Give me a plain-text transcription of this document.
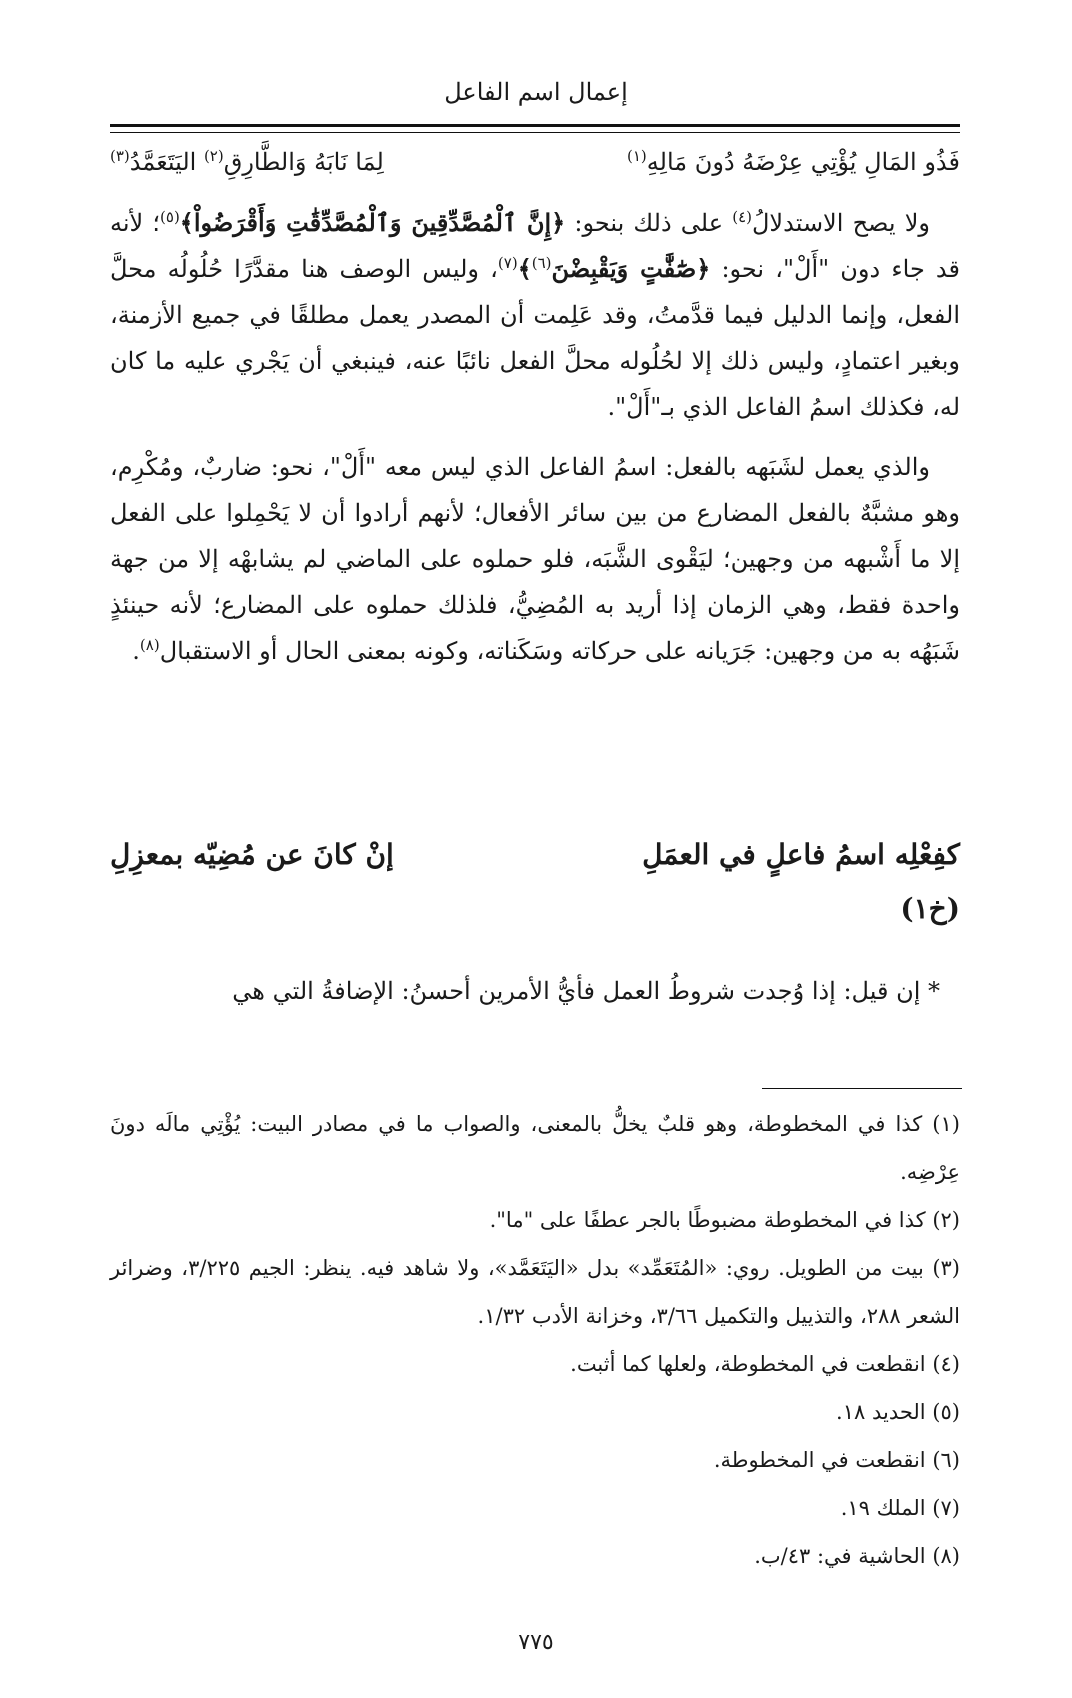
إعمال اسم الفاعل
فَذُو المَالِ يُؤْتِي عِرْضَهُ دُونَ مَالِهِ$^{(١)}$
لِمَا نَابَهُ وَالطَّارِقِ$^{(٢)}$ اليَتَعَمَّدُ$^{(٣)}$

ولا يصح الاستدلالُ$^{(٤)}$ على ذلك بنحو: ﴿إِنَّ ٱلْمُصَّدِّقِينَ وَٱلْمُصَّدِّقَٰتِ وَأَقْرَضُواْ﴾$^{(٥)}$؛ لأنه قد جاء دون "أَلْ"، نحو: ﴿صَٰٓفَّٰتٍ وَيَقْبِضْنَ$^{(٦)}$﴾$^{(٧)}$، وليس الوصف هنا مقدَّرًا حُلُولُه محلَّ الفعل، وإنما الدليل فيما قدَّمتُ، وقد عَلِمت أن المصدر يعمل مطلقًا في جميع الأزمنة، وبغير اعتمادٍ، وليس ذلك إلا لحُلُوله محلَّ الفعل نائبًا عنه، فينبغي أن يَجْري عليه ما كان له، فكذلك اسمُ الفاعل الذي بـ"أَلْ".

والذي يعمل لشَبَهه بالفعل: اسمُ الفاعل الذي ليس معه "أَلْ"، نحو: ضاربٌ، ومُكْرِم، وهو مشبَّهٌ بالفعل المضارع من بين سائر الأفعال؛ لأنهم أرادوا أن لا يَحْمِلوا على الفعل إلا ما أَشْبهه من وجهين؛ ليَقْوى الشَّبَه، فلو حملوه على الماضي لم يشابهْه إلا من جهة واحدة فقط، وهي الزمان إذا أريد به المُضِيُّ، فلذلك حملوه على المضارع؛ لأنه حينئذٍ شَبَهُه به من وجهين: جَرَيانه على حركاته وسَكَناته، وكونه بمعنى الحال أو الاستقبال$^{(٨)}$.

كفِعْلِه اسمُ فاعلٍ في العمَلِ
إنْ كانَ عن مُضِيّه بمعزِلِ
(خ١)
* إن قيل: إذا وُجدت شروطُ العمل فأيُّ الأمرين أحسنُ: الإضافةُ التي هي
(١) كذا في المخطوطة، وهو قلبٌ يخلُّ بالمعنى، والصواب ما في مصادر البيت: يُؤْتِي مالَه دونَ عِرْضِه.
(٢) كذا في المخطوطة مضبوطًا بالجر عطفًا على "ما".
(٣) بيت من الطويل. روي: «المُتَعَمِّد» بدل «اليَتَعَمَّد»، ولا شاهد فيه. ينظر: الجيم ٣/٢٢٥، وضرائر الشعر ٢٨٨، والتذييل والتكميل ٣/٦٦، وخزانة الأدب ١/٣٢.
(٤) انقطعت في المخطوطة، ولعلها كما أثبت.
(٥) الحديد ١٨.
(٦) انقطعت في المخطوطة.
(٧) الملك ١٩.
(٨) الحاشية في: ٤٣/ب.
٧٧٥
